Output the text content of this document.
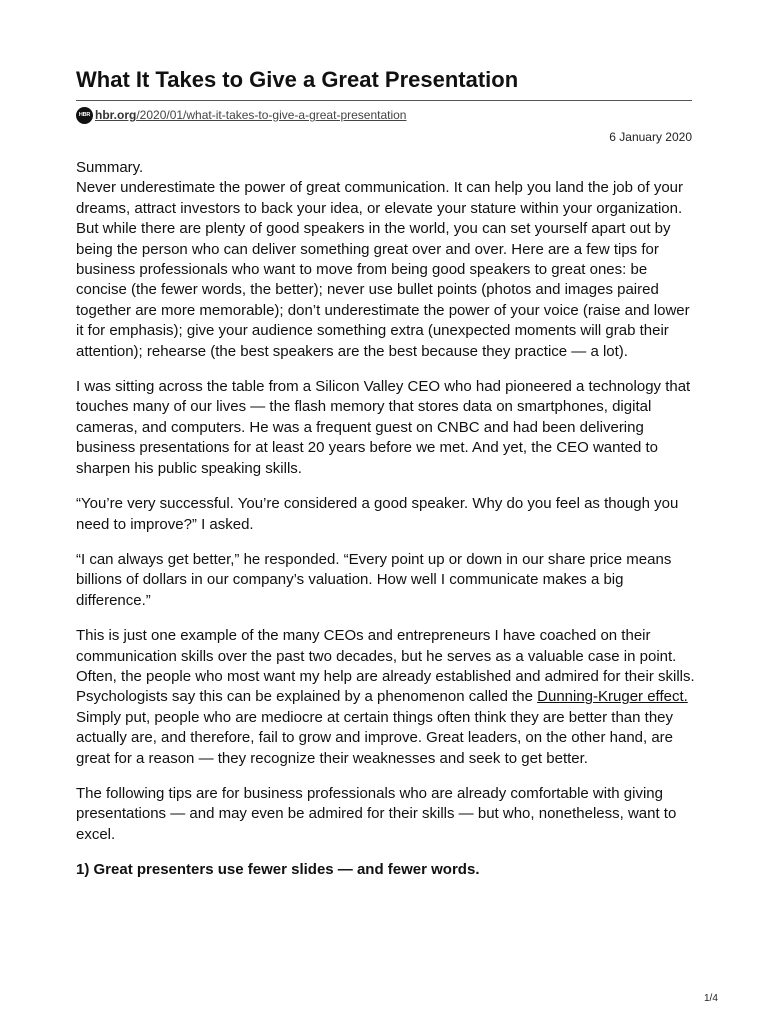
What It Takes to Give a Great Presentation
HBR hbr.org/2020/01/what-it-takes-to-give-a-great-presentation
6 January 2020

Summary.
Never underestimate the power of great communication. It can help you land the job of your dreams, attract investors to back your idea, or elevate your stature within your organization. But while there are plenty of good speakers in the world, you can set yourself apart out by being the person who can deliver something great over and over. Here are a few tips for business professionals who want to move from being good speakers to great ones: be concise (the fewer words, the better); never use bullet points (photos and images paired together are more memorable); don’t underestimate the power of your voice (raise and lower it for emphasis); give your audience something extra (unexpected moments will grab their attention); rehearse (the best speakers are the best because they practice — a lot).

I was sitting across the table from a Silicon Valley CEO who had pioneered a technology that touches many of our lives — the flash memory that stores data on smartphones, digital cameras, and computers. He was a frequent guest on CNBC and had been delivering business presentations for at least 20 years before we met. And yet, the CEO wanted to sharpen his public speaking skills.

“You’re very successful. You’re considered a good speaker. Why do you feel as though you need to improve?” I asked.

“I can always get better,” he responded. “Every point up or down in our share price means billions of dollars in our company’s valuation. How well I communicate makes a big difference.”

This is just one example of the many CEOs and entrepreneurs I have coached on their communication skills over the past two decades, but he serves as a valuable case in point. Often, the people who most want my help are already established and admired for their skills. Psychologists say this can be explained by a phenomenon called the Dunning-Kruger effect. Simply put, people who are mediocre at certain things often think they are better than they actually are, and therefore, fail to grow and improve. Great leaders, on the other hand, are great for a reason — they recognize their weaknesses and seek to get better.

The following tips are for business professionals who are already comfortable with giving presentations — and may even be admired for their skills — but who, nonetheless, want to excel.

1) Great presenters use fewer slides — and fewer words.

1/4
